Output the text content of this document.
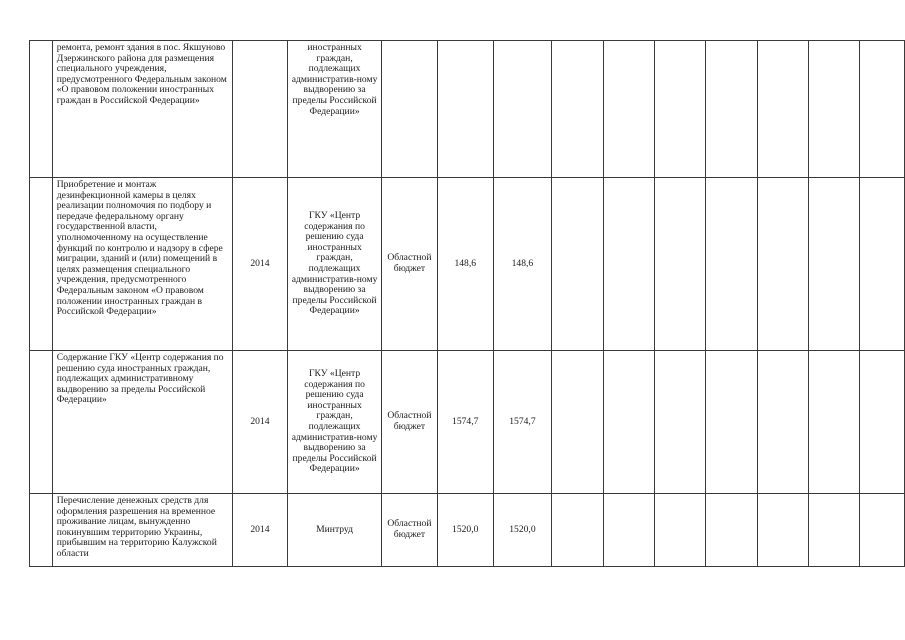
	ремонта, ремонт здания в пос. Якшуново Дзержинского района для размещения специального учреждения, предусмотренного Федеральным законом «О правовом положении иностранных граждан в Российской Федерации»		иностранных граждан, подлежащих административ-ному выдворению за пределы Российской Федерации»										
	Приобретение и монтаж дезинфекционной камеры в целях реализации полномочия по подбору и передаче федеральному органу государственной власти, уполномоченному на осуществление функций по контролю и надзору в сфере миграции, зданий и (или) помещений в целях размещения специального учреждения, предусмотренного Федеральным законом «О правовом положении иностранных граждан в Российской Федерации»	2014	ГКУ «Центр содержания по решению суда иностранных граждан, подлежащих административ-ному выдворению за пределы Российской Федерации»	Областной бюджет	148,6	148,6							
	Содержание ГКУ «Центр содержания по решению суда иностранных граждан, подлежащих административному выдворению за пределы Российской Федерации»	2014	ГКУ «Центр содержания по решению суда иностранных граждан, подлежащих административ-ному выдворению за пределы Российской Федерации»	Областной бюджет	1574,7	1574,7							
	Перечисление денежных средств для оформления разрешения на временное проживание лицам, вынужденно покинувшим территорию Украины, прибывшим на территорию Калужской области	2014	Минтруд	Областной бюджет	1520,0	1520,0							
